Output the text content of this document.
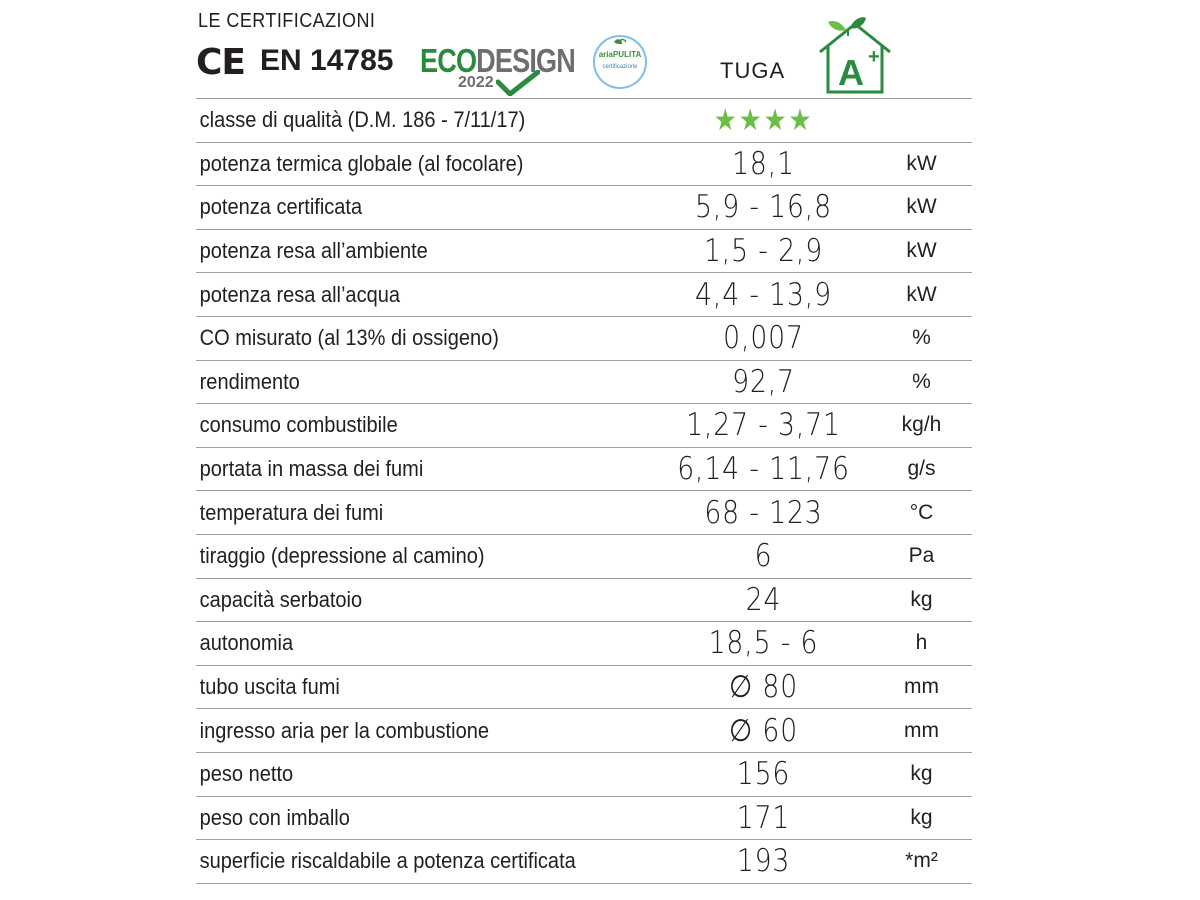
LE CERTIFICAZIONI
CE EN 14785 ECODESIGN
2022
ariaPULITA
certificazione	TUGA A +
classe di qualità (D.M. 186 - 7/11/17)	★★★★	
potenza termica globale (al focolare)	18,1	kW
potenza certificata	5,9 - 16,8	kW
potenza resa all’ambiente	1,5 - 2,9	kW
potenza resa all’acqua	4,4 - 13,9	kW
CO misurato (al 13% di ossigeno)	0,007	%
rendimento	92,7	%
consumo combustibile	1,27 - 3,71	kg/h
portata in massa dei fumi	6,14 - 11,76	g/s
temperatura dei fumi	68 - 123	°C
tiraggio (depressione al camino)	6	Pa
capacità serbatoio	24	kg
autonomia	18,5 - 6	h
tubo uscita fumi	∅ 80	mm
ingresso aria per la combustione	∅ 60	mm
peso netto	156	kg
peso con imballo	171	kg
superficie riscaldabile a potenza certificata	193	*m²
